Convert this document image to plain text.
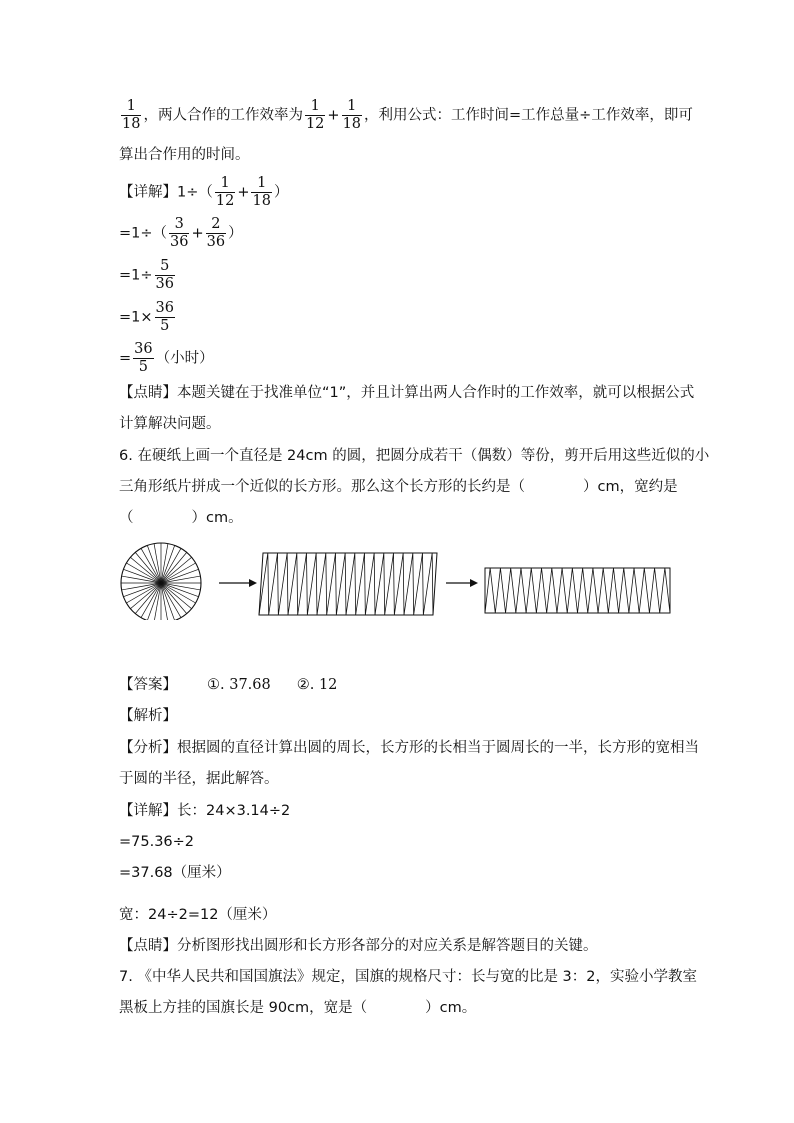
$\frac{1}{18}$ ，两人合作的工作效率为 $\frac{1}{12} + \frac{1}{18}$ ，利用公式：工作时间=工作总量÷工作效率，即可
算出合作用的时间。
【详解】$1\div( \frac{1}{12} + \frac{1}{18}$ ）
$=1\div( \frac{3}{36} + \frac{2}{36}$ ）
$=1\div \frac{5}{36}$
$=1\times \frac{36}{5}$
= $\frac{36}{5}$ （小时）
【点睛】本题关键在于找准单位“1”，并且计算出两人合作时的工作效率，就可以根据公式
计算解决问题。
6. 在硬纸上画一个直径是 24cm 的圆，把圆分成若干（偶数）等份，剪开后用这些近似的小
三角形纸片拼成一个近似的长方形。那么这个长方形的长约是（　　　　）cm，宽约是
（　　　　）cm。
【答案】 ①. 37.68 ②. 12
【解析】
【分析】根据圆的直径计算出圆的周长，长方形的长相当于圆周长的一半，长方形的宽相当
于圆的半径，据此解答。
【详解】长：24×3.14÷2
=75.36÷2
=37.68（厘米）
宽：24÷2=12（厘米）
【点睛】分析图形找出圆形和长方形各部分的对应关系是解答题目的关键。
7. 《中华人民共和国国旗法》规定，国旗的规格尺寸：长与宽的比是 3：2，实验小学教室
黑板上方挂的国旗长是 90cm，宽是（　　　　）cm。
